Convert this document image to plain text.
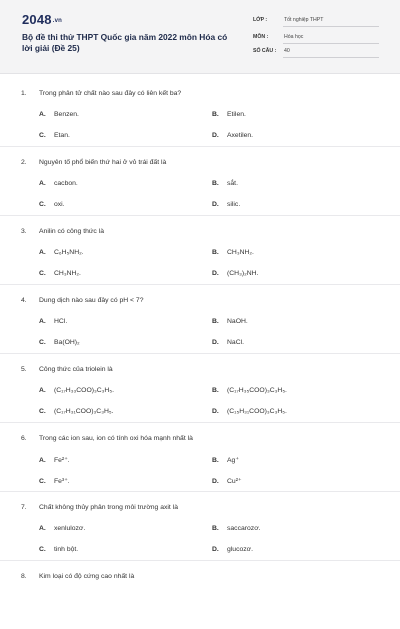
2048.vn
Bộ đề thi thử THPT Quốc gia năm 2022 môn Hóa có lời giải (Đề 25)
LỚP :	Tốt nghiệp THPT
MÔN :	Hóa học
SỐ CÂU : 40
1. Trong phân tử chất nào sau đây có liên kết ba?
A. Benzen.	B. Etilen.
C. Etan.	D. Axetilen.
2. Nguyên tố phổ biến thứ hai ở vỏ trái đất là
A. cacbon.	B. sắt.
C. oxi.	D. silic.
3. Anilin có công thức là
A. C₆H₅NH₂.	B. CH₃NH₂.
C. CH₃NH₂.	D. (CH₃)₂NH.
4. Dung dịch nào sau đây có pH < 7?
A. HCl.	B. NaOH.
C. Ba(OH)₂	D. NaCl.
5. Công thức của triolein là
A. (C₁₇H₃₃COO)₃C₃H₅.	B. (C₁₇H₃₅COO)₃C₃H₅.
C. (C₁₇H₃₁COO)₃C₃H₅.	D. (C₁₅H₃₁COO)₃C₃H₅.
6. Trong các ion sau, ion có tính oxi hóa mạnh nhất là
A. Fe²⁺.	B. Ag⁺
C. Fe³⁺.	D. Cu²⁺
7. Chất không thủy phân trong môi trường axit là
A. xenlulozơ.	B. saccarozơ.
C. tinh bột.	D. glucozơ.
8. Kim loại có độ cứng cao nhất là
